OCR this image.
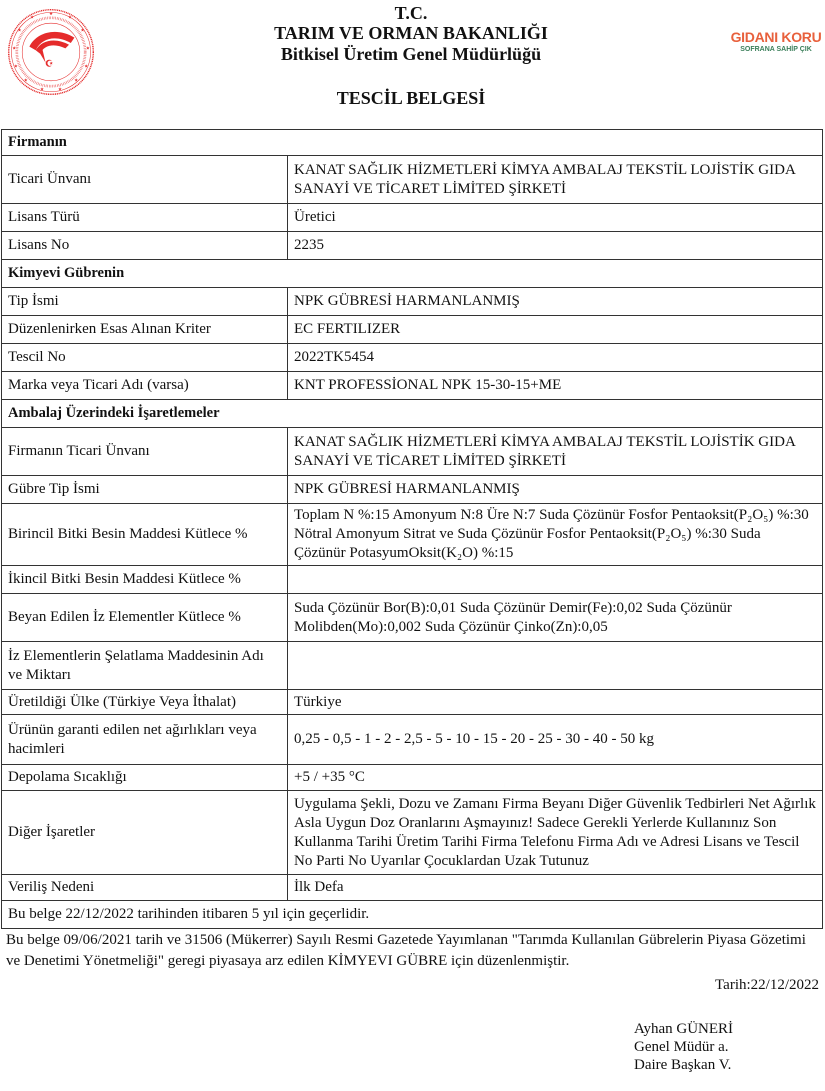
★
★	★
★	★
★	★
★	★
★	★
★	★
☪
T.C.
TARIM VE ORMAN BAKANLIĞI
Bitkisel Üretim Genel Müdürlüğü
TESCİL BELGESİ
GIDANI KORU
SOFRANA SAHİP ÇIK
Firmanın	
Ticari Ünvanı	KANAT SAĞLIK HİZMETLERİ KİMYA AMBALAJ TEKSTİL LOJİSTİK GIDA SANAYİ VE TİCARET LİMİTED ŞİRKETİ
Lisans Türü	Üretici
Lisans No	2235
Kimyevi Gübrenin	
Tip İsmi	NPK GÜBRESİ HARMANLANMIŞ
Düzenlenirken Esas Alınan Kriter	EC FERTILIZER
Tescil No	2022TK5454
Marka veya Ticari Adı (varsa)	KNT PROFESSİONAL NPK 15-30-15+ME
Ambalaj Üzerindeki İşaretlemeler	
Firmanın Ticari Ünvanı	KANAT SAĞLIK HİZMETLERİ KİMYA AMBALAJ TEKSTİL LOJİSTİK GIDA SANAYİ VE TİCARET LİMİTED ŞİRKETİ
Gübre Tip İsmi	NPK GÜBRESİ HARMANLANMIŞ
Birincil Bitki Besin Maddesi Kütlece %	Toplam N %:15 Amonyum N:8 Üre N:7 Suda Çözünür Fosfor Pentaoksit(P₂O₅) %:30 Nötral Amonyum Sitrat ve Suda Çözünür Fosfor Pentaoksit(P₂O₅) %:30 Suda Çözünür PotasyumOksit(K₂O) %:15
İkincil Bitki Besin Maddesi Kütlece %	
Beyan Edilen İz Elementler Kütlece %	Suda Çözünür Bor(B):0,01 Suda Çözünür Demir(Fe):0,02 Suda Çözünür Molibden(Mo):0,002 Suda Çözünür Çinko(Zn):0,05
İz Elementlerin Şelatlama Maddesinin Adı ve Miktarı	
Üretildiği Ülke (Türkiye Veya İthalat)	Türkiye
Ürünün garanti edilen net ağırlıkları veya hacimleri	0,25 - 0,5 - 1 - 2 - 2,5 - 5 - 10 - 15 - 20 - 25 - 30 - 40 - 50 kg
Depolama Sıcaklığı	+5 / +35 °C
Diğer İşaretler	Uygulama Şekli, Dozu ve Zamanı Firma Beyanı Diğer Güvenlik Tedbirleri Net Ağırlık Asla Uygun Doz Oranlarını Aşmayınız! Sadece Gerekli Yerlerde Kullanınız Son Kullanma Tarihi Üretim Tarihi Firma Telefonu Firma Adı ve Adresi Lisans ve Tescil No Parti No Uyarılar Çocuklardan Uzak Tutunuz
Veriliş Nedeni	İlk Defa
Bu belge 22/12/2022 tarihinden itibaren 5 yıl için geçerlidir.	
Bu belge 09/06/2021 tarih ve 31506 (Mükerrer) Sayılı Resmi Gazetede Yayımlanan "Tarımda Kullanılan Gübrelerin Piyasa Gözetimi ve Denetimi Yönetmeliği" geregi piyasaya arz edilen KİMYEVI GÜBRE için düzenlenmiştir.
Tarih:22/12/2022
Ayhan GÜNERİ
Genel Müdür a.
Daire Başkan V.
